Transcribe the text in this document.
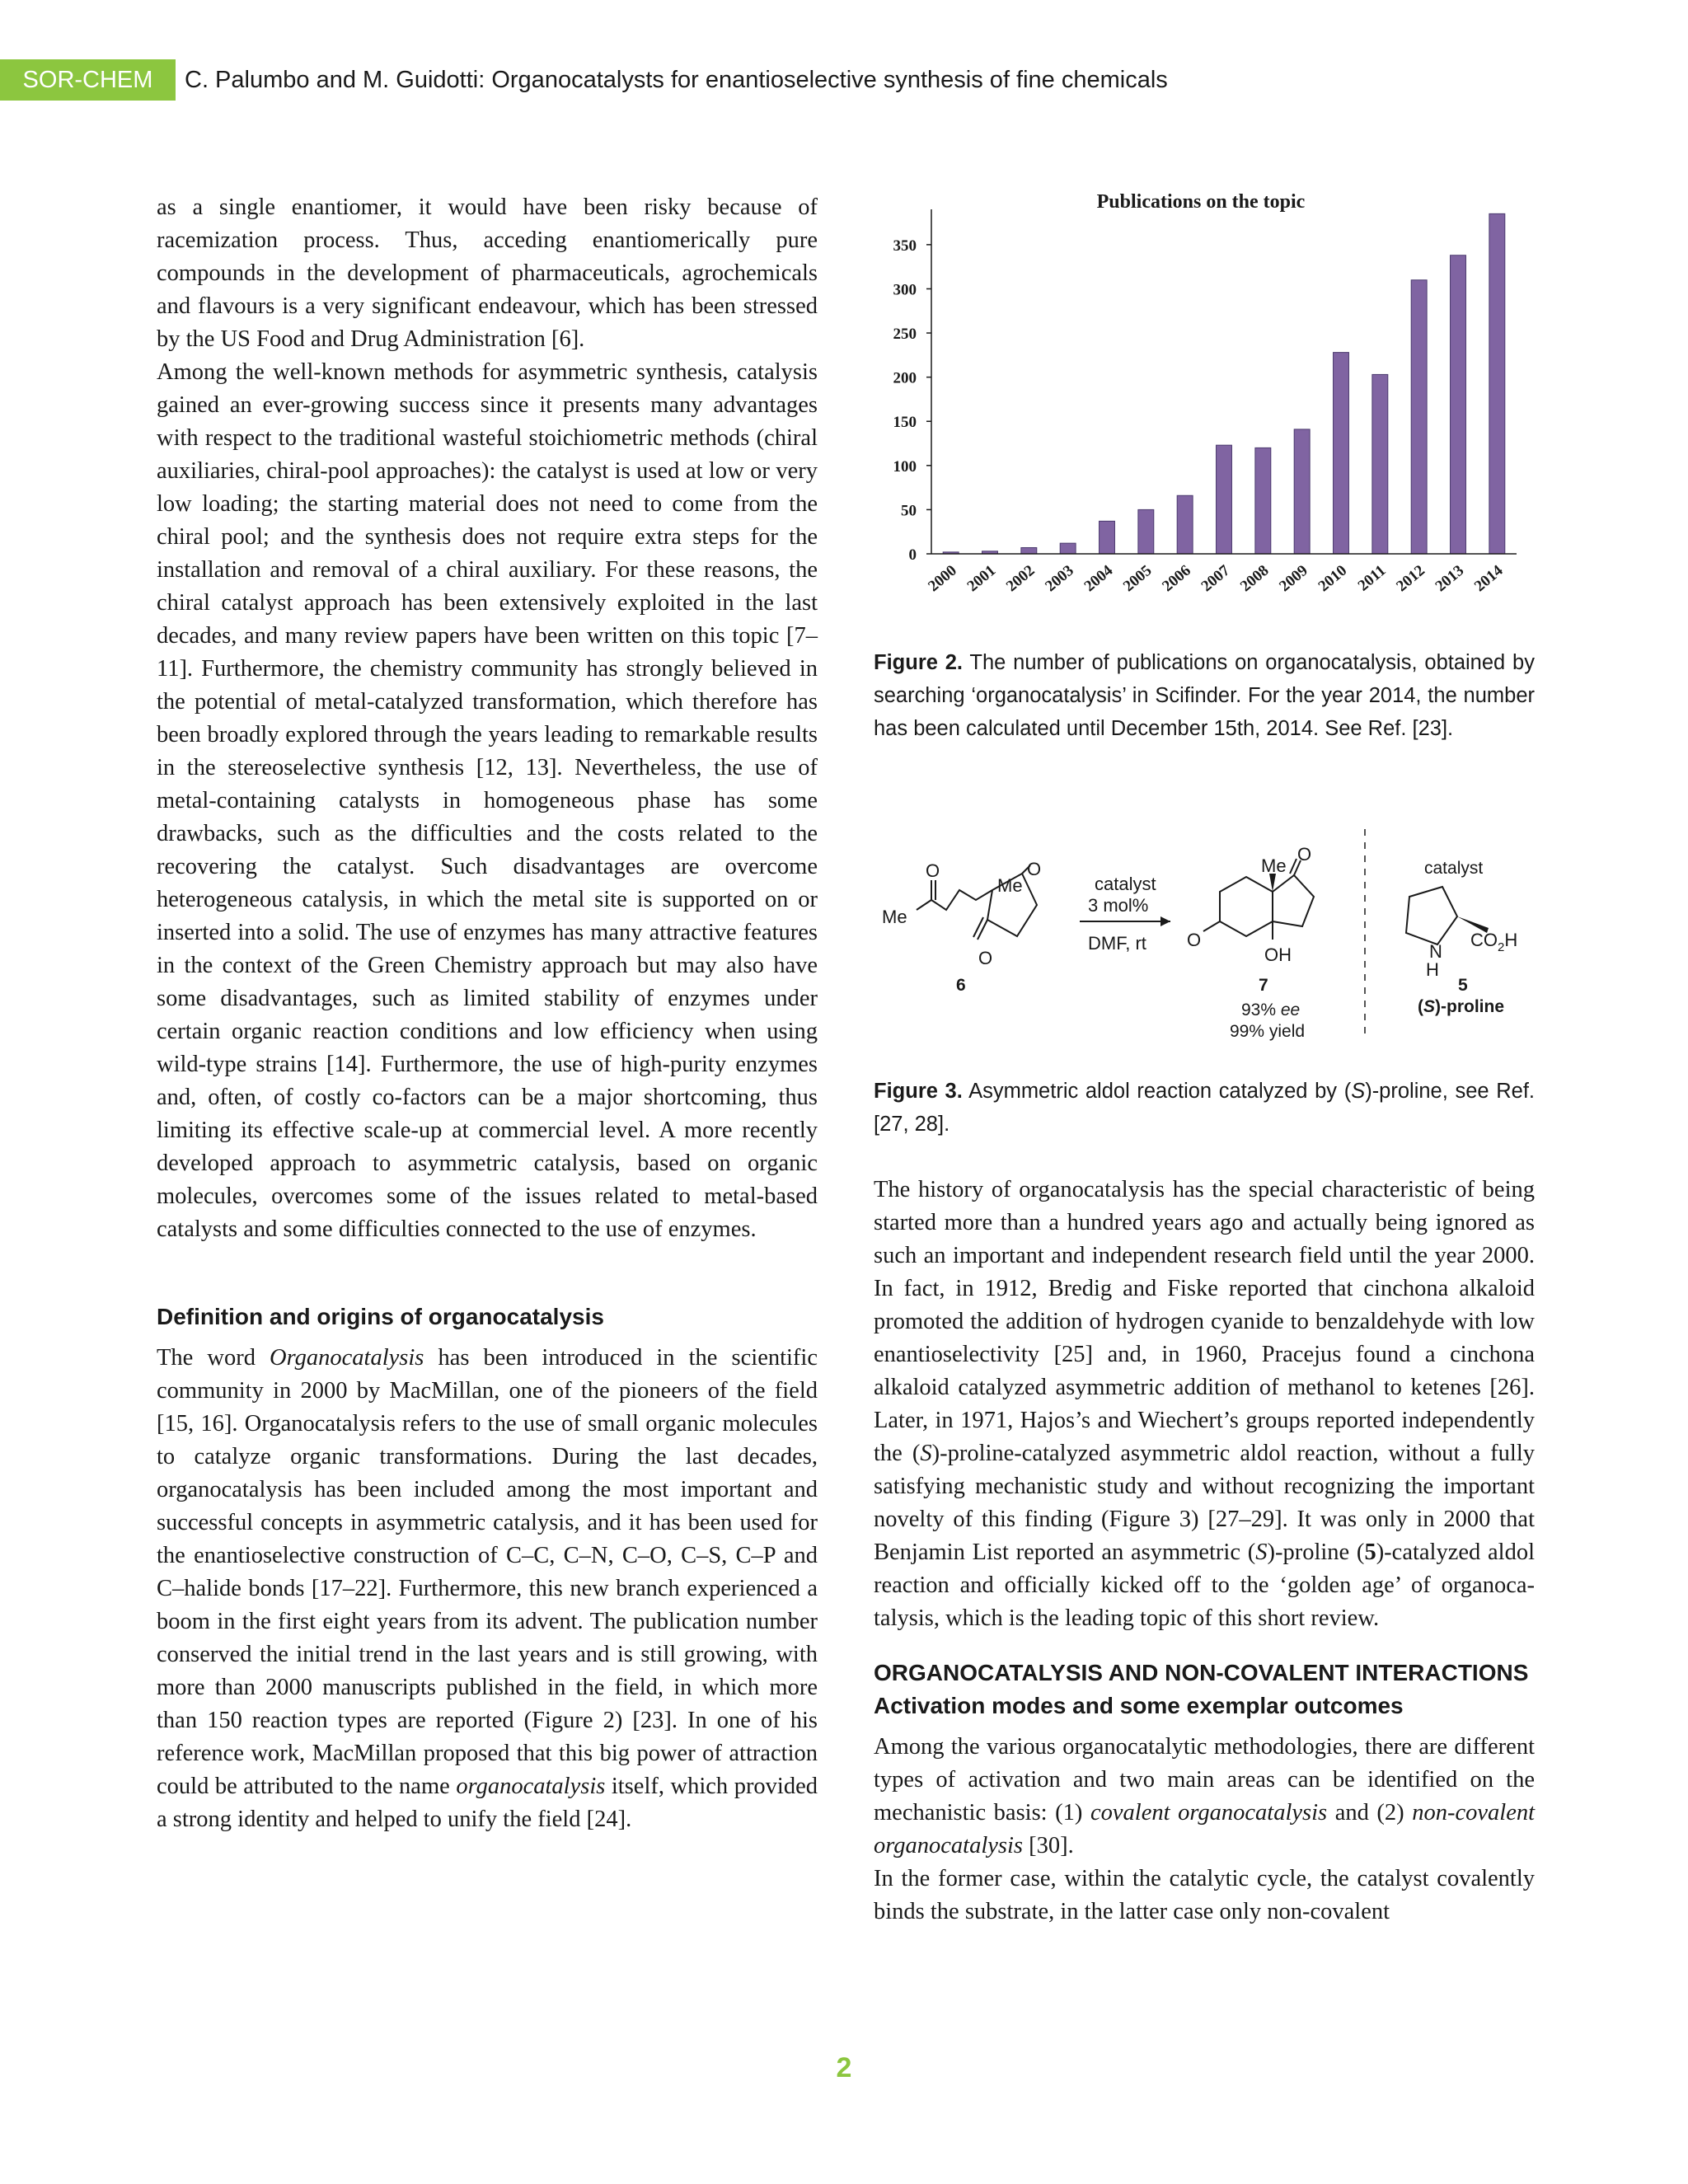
SOR-CHEM	C. Palumbo and M. Guidotti: Organocatalysts for enantioselective synthesis of fine chemicals

as a single enantiomer, it would have been risky because of racemization process. Thus, acceding enantiomerically pure compounds in the development of pharmaceuticals, agrochemicals and flavours is a very significant endeavour, which has been stressed by the US Food and Drug Administration [6].

Among the well-known methods for asymmetric synthesis, catalysis gained an ever-growing success since it presents many advantages with respect to the traditional wasteful stoichiometric methods (chiral auxiliaries, chiral-pool approaches): the catalyst is used at low or very low loading; the starting material does not need to come from the chiral pool; and the synthesis does not require extra steps for the installation and removal of a chiral auxiliary. For these reasons, the chiral catalyst approach has been extensively exploited in the last decades, and many review papers have been written on this topic [7–11]. Furthermore, the chemistry community has strongly believed in the potential of metal-catalyzed transformation, which therefore has been broadly explored through the years leading to remarkable results in the stereoselective synthesis [12, 13]. Nevertheless, the use of metal-containing catalysts in homogeneous phase has some drawbacks, such as the difficulties and the costs related to the recovering the catalyst. Such disadvantages are overcome heterogeneous catalysis, in which the metal site is supported on or inserted into a solid. The use of enzymes has many attractive features in the context of the Green Chemistry approach but may also have some disadvantages, such as limited stability of enzymes under certain organic reaction conditions and low efficiency when using wild-type strains [14]. Furthermore, the use of high-purity enzymes and, often, of costly co-factors can be a major shortcoming, thus limiting its effective scale-up at commercial level. A more recently developed approach to asymmetric catalysis, based on organic molecules, overcomes some of the issues related to metal-based catalysts and some difficulties connected to the use of enzymes.

Definition and origins of organocatalysis

The word Organocatalysis has been introduced in the scientific community in 2000 by MacMillan, one of the pioneers of the field [15, 16]. Organocatalysis refers to the use of small organic molecules to catalyze organic transformations. During the last decades, organocatalysis has been included among the most important and successful concepts in asymmetric catalysis, and it has been used for the enantioselective construction of C–C, C–N, C–O, C–S, C–P and C–halide bonds [17–22]. Furthermore, this new branch experienced a boom in the first eight years from its advent. The publication number conserved the initial trend in the last years and is still growing, with more than 2000 manuscripts published in the field, in which more than 150 reaction types are reported (Figure 2) [23]. In one of his reference work, MacMillan proposed that this big power of attraction could be attributed to the name organocatalysis itself, which provided a strong identity and helped to unify the field [24].

Publications on the topic
0
50
100
150
200
250
300
350
2000 2001 2002 2003 2004 2005 2006 2007 2008 2009 2010 2011 2012 2013 2014

Figure 2. The number of publications on organocatalysis, obtained by searching ‘organocatalysis’ in Scifinder. For the year 2014, the number has been calculated until December 15th, 2014. See Ref. [23].

Me
O
Me
O
O
6
catalyst
3 mol%
DMF, rt
Me
O
O
OH
7
93% ee
99% yield
catalyst
N
H
$CO_2H$
5
(S)-proline

Figure 3. Asymmetric aldol reaction catalyzed by (S)-proline, see Ref. [27, 28].

The history of organocatalysis has the special characteristic of being started more than a hundred years ago and actually being ignored as such an important and independent research field until the year 2000. In fact, in 1912, Bredig and Fiske reported that cinchona alkaloid promoted the addition of hydrogen cyanide to benzaldehyde with low enantioselectivity [25] and, in 1960, Pracejus found a cinchona alkaloid catalyzed asymmetric addition of methanol to ketenes [26]. Later, in 1971, Hajos’s and Wiechert’s groups reported independently the (S)-proline-catalyzed asymmetric aldol reaction, without a fully satisfying mechanistic study and without recognizing the important novelty of this finding (Figure 3) [27–29]. It was only in 2000 that Benjamin List reported an asymmetric (S)-proline (5)-catalyzed aldol reaction and officially kicked off to the ‘golden age’ of organocatalysis, which is the leading topic of this short review.

ORGANOCATALYSIS AND NON-COVALENT INTERACTIONS

Activation modes and some exemplar outcomes

Among the various organocatalytic methodologies, there are different types of activation and two main areas can be identified on the mechanistic basis: (1) covalent organocatalysis and (2) non-covalent organocatalysis [30].

In the former case, within the catalytic cycle, the catalyst covalently binds the substrate, in the latter case only non-covalent

2
